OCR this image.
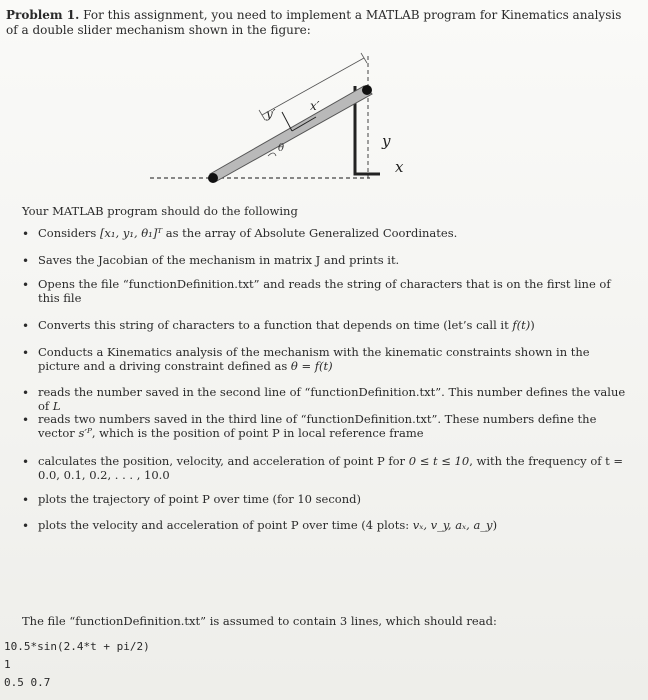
Problem 1. For this assignment, you need to implement a MATLAB program for Kinematics analysis of a double slider mechanism shown in the figure:
y′
x′
θ	y
x
Your MATLAB program should do the following
• Considers [x₁, y₁, θ₁]ᵀ as the array of Absolute Generalized Coordinates.
• Saves the Jacobian of the mechanism in matrix J and prints it.
• Opens the file “functionDefinition.txt” and reads the string of characters that is on the first line of this file
• Converts this string of characters to a function that depends on time (let’s call it f(t))
• Conducts a Kinematics analysis of the mechanism with the kinematic constraints shown in the picture and a driving constraint defined as θ = f(t)
• reads the number saved in the second line of “functionDefinition.txt”. This number defines the value of L
• reads two numbers saved in the third line of “functionDefinition.txt”. These numbers define the vector s′ᴾ, which is the position of point P in local reference frame
• calculates the position, velocity, and acceleration of point P for 0 ≤ t ≤ 10, with the frequency of t = 0.0, 0.1, 0.2, . . . , 10.0
• plots the trajectory of point P over time (for 10 second)
• plots the velocity and acceleration of point P over time (4 plots: vₓ, v_y, aₓ, a_y)
The file “functionDefinition.txt” is assumed to contain 3 lines, which should read:
10.5*sin(2.4*t + pi/2)
1
0.5 0.7
